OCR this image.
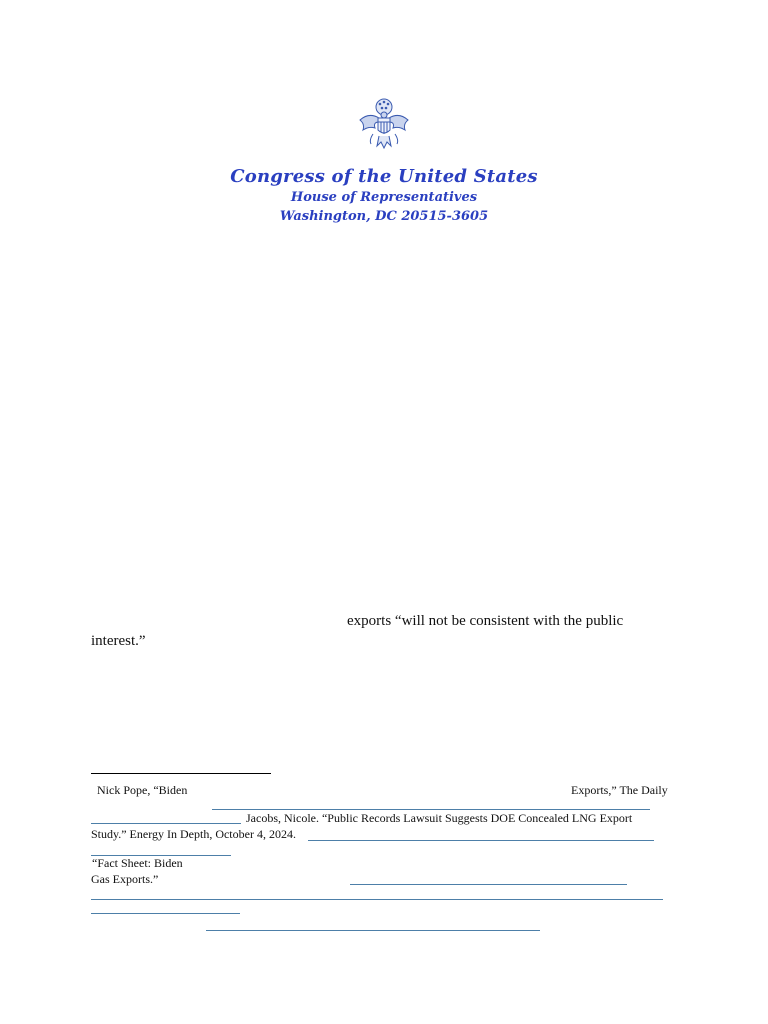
Congress of the United States
House of Representatives
Washington, DC 20515-3605
exports “will not be consistent with the public
interest.”
Nick Pope, “Biden	Exports,” The Daily
Jacobs, Nicole. “Public Records Lawsuit Suggests DOE Concealed LNG Export
Study.” Energy In Depth, October 4, 2024.
“Fact Sheet: Biden
Gas Exports.”
